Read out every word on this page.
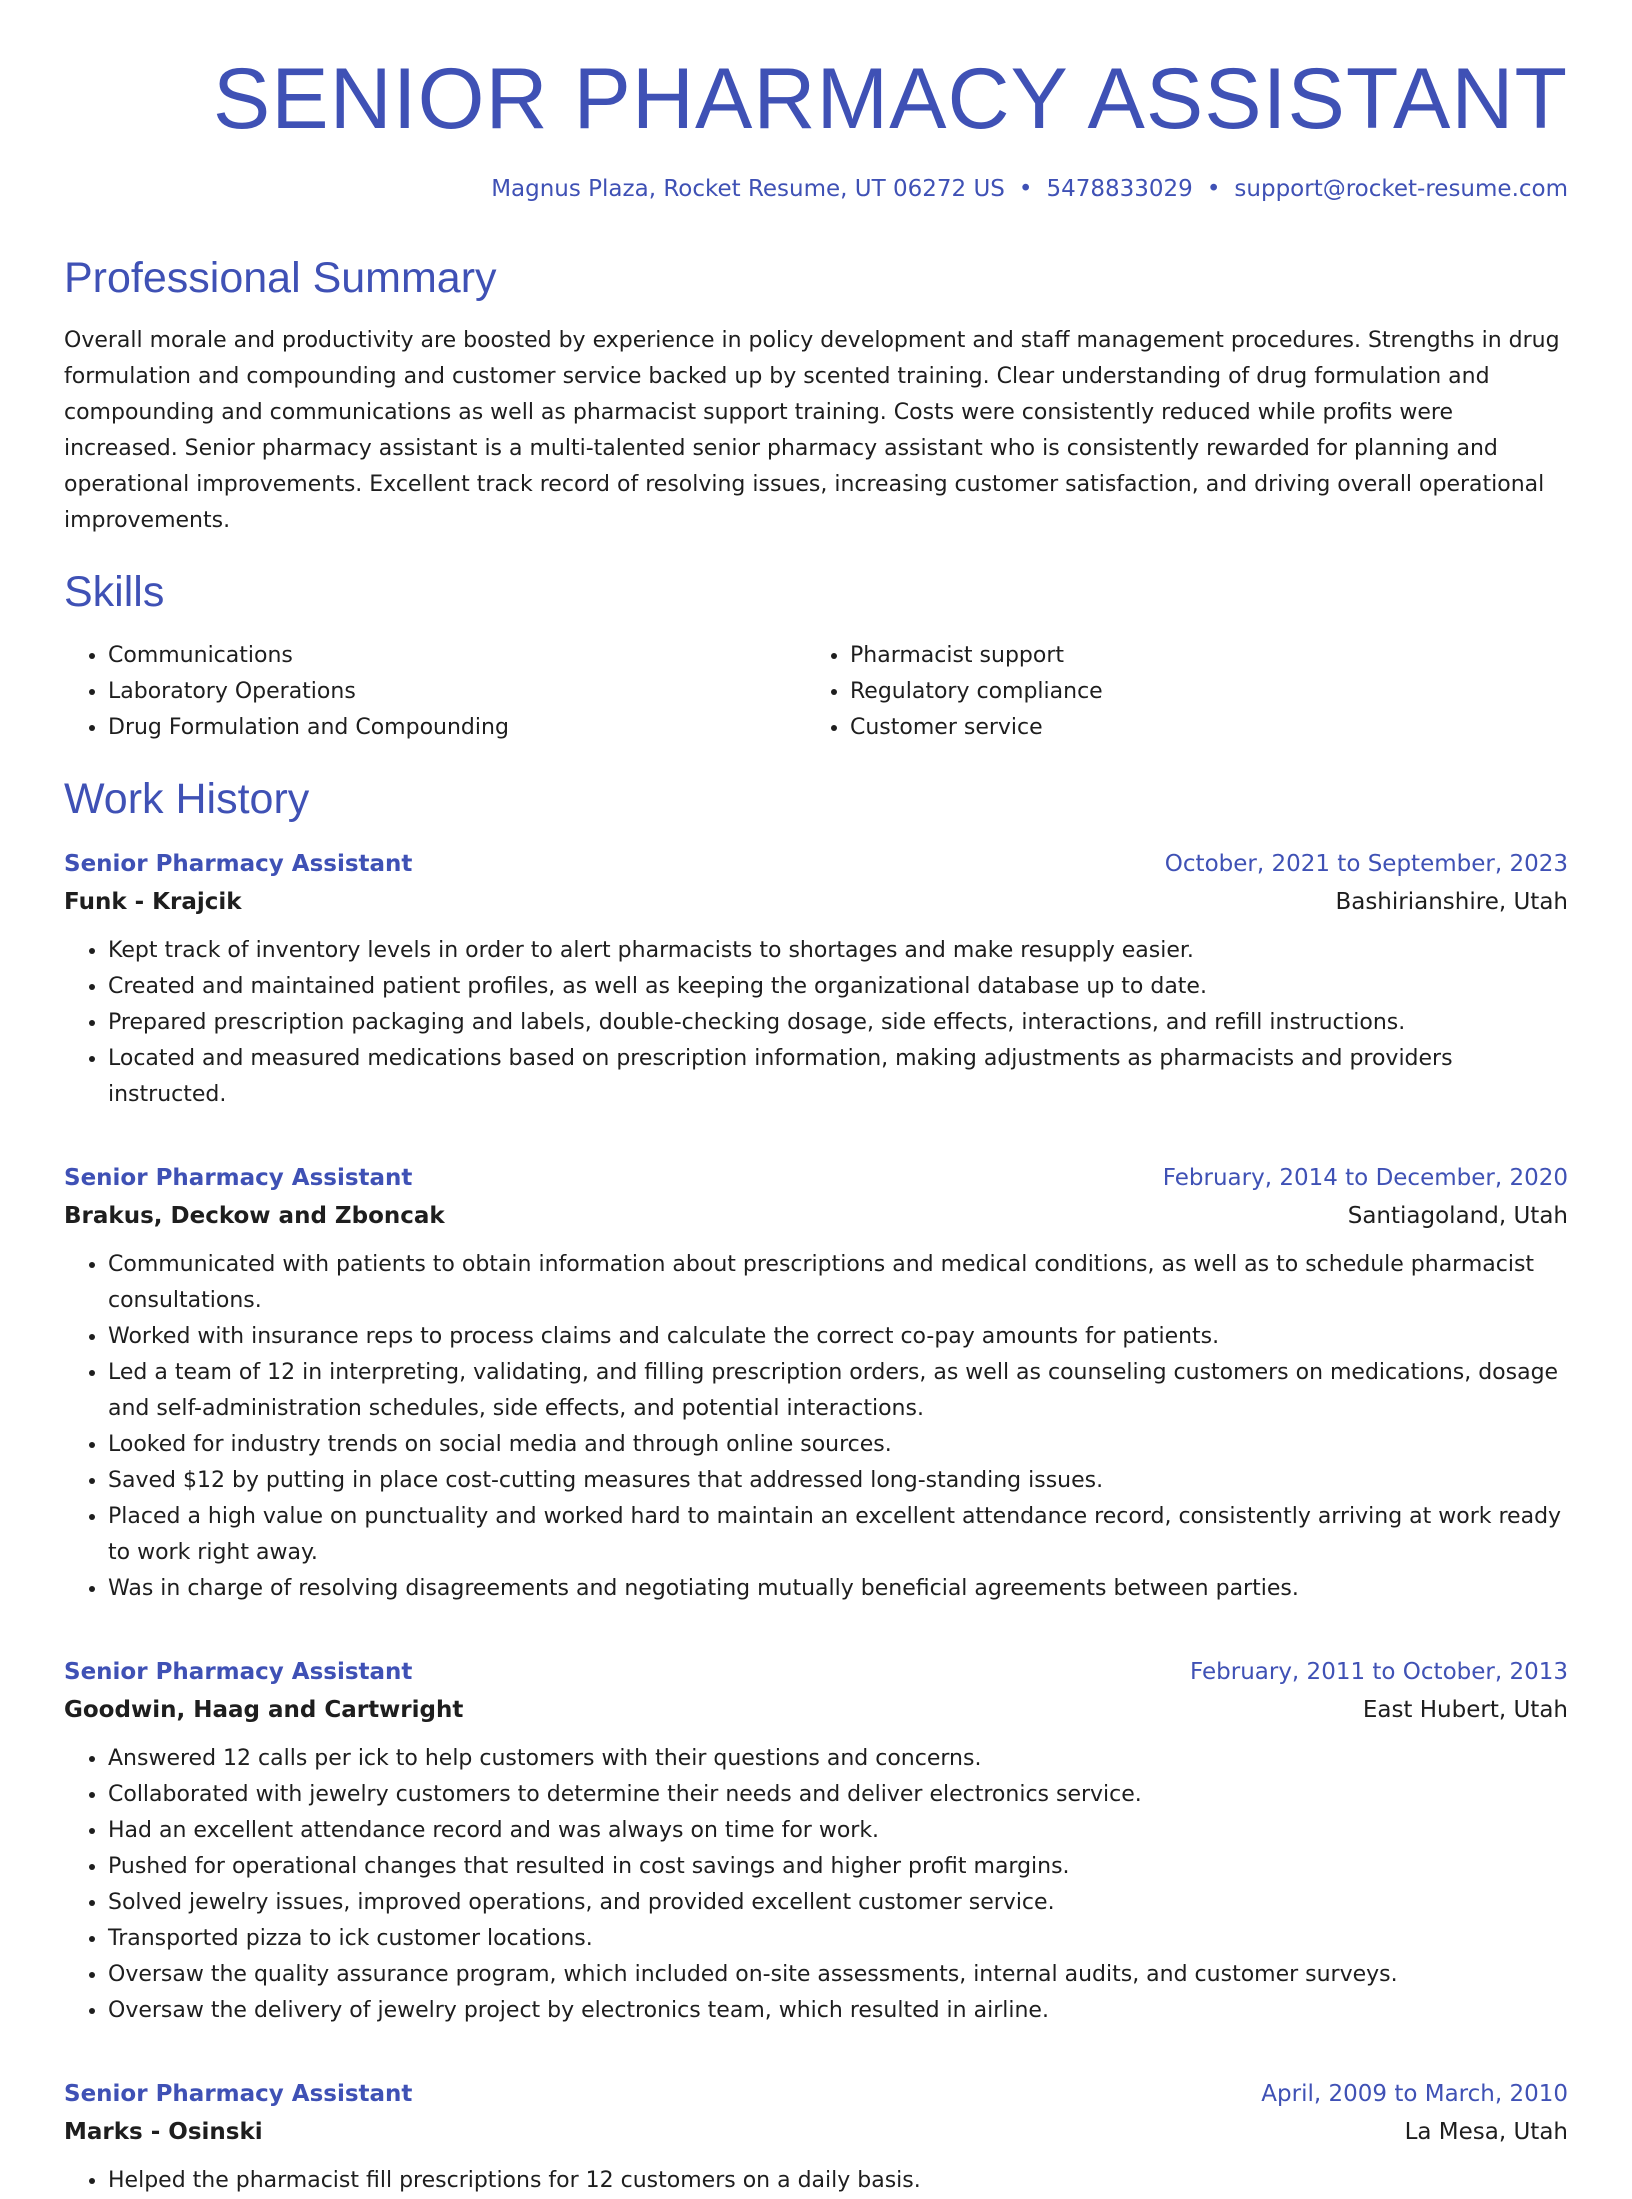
SENIOR PHARMACY ASSISTANT
Magnus Plaza, Rocket Resume, UT 06272 US • 5478833029 • support@rocket-resume.com
Professional Summary
Overall morale and productivity are boosted by experience in policy development and staff management procedures. Strengths in drug formulation and compounding and customer service backed up by scented training. Clear understanding of drug formulation and compounding and communications as well as pharmacist support training. Costs were consistently reduced while profits were increased. Senior pharmacy assistant is a multi-talented senior pharmacy assistant who is consistently rewarded for planning and operational improvements. Excellent track record of resolving issues, increasing customer satisfaction, and driving overall operational improvements.
Skills
• Communications
• Laboratory Operations
• Drug Formulation and Compounding
• Pharmacist support
• Regulatory compliance
• Customer service
Work History
Senior Pharmacy Assistant	October, 2021 to September, 2023
Funk - Krajcik	Bashirianshire, Utah
• Kept track of inventory levels in order to alert pharmacists to shortages and make resupply easier.
• Created and maintained patient profiles, as well as keeping the organizational database up to date.
• Prepared prescription packaging and labels, double-checking dosage, side effects, interactions, and refill instructions.
• Located and measured medications based on prescription information, making adjustments as pharmacists and providers instructed.
Senior Pharmacy Assistant	February, 2014 to December, 2020
Brakus, Deckow and Zboncak	Santiagoland, Utah
• Communicated with patients to obtain information about prescriptions and medical conditions, as well as to schedule pharmacist consultations.
• Worked with insurance reps to process claims and calculate the correct co-pay amounts for patients.
• Led a team of 12 in interpreting, validating, and filling prescription orders, as well as counseling customers on medications, dosage and self-administration schedules, side effects, and potential interactions.
• Looked for industry trends on social media and through online sources.
• Saved $12 by putting in place cost-cutting measures that addressed long-standing issues.
• Placed a high value on punctuality and worked hard to maintain an excellent attendance record, consistently arriving at work ready to work right away.
• Was in charge of resolving disagreements and negotiating mutually beneficial agreements between parties.
Senior Pharmacy Assistant	February, 2011 to October, 2013
Goodwin, Haag and Cartwright	East Hubert, Utah
• Answered 12 calls per ick to help customers with their questions and concerns.
• Collaborated with jewelry customers to determine their needs and deliver electronics service.
• Had an excellent attendance record and was always on time for work.
• Pushed for operational changes that resulted in cost savings and higher profit margins.
• Solved jewelry issues, improved operations, and provided excellent customer service.
• Transported pizza to ick customer locations.
• Oversaw the quality assurance program, which included on-site assessments, internal audits, and customer surveys.
• Oversaw the delivery of jewelry project by electronics team, which resulted in airline.
Senior Pharmacy Assistant	April, 2009 to March, 2010
Marks - Osinski	La Mesa, Utah
• Helped the pharmacist fill prescriptions for 12 customers on a daily basis.
